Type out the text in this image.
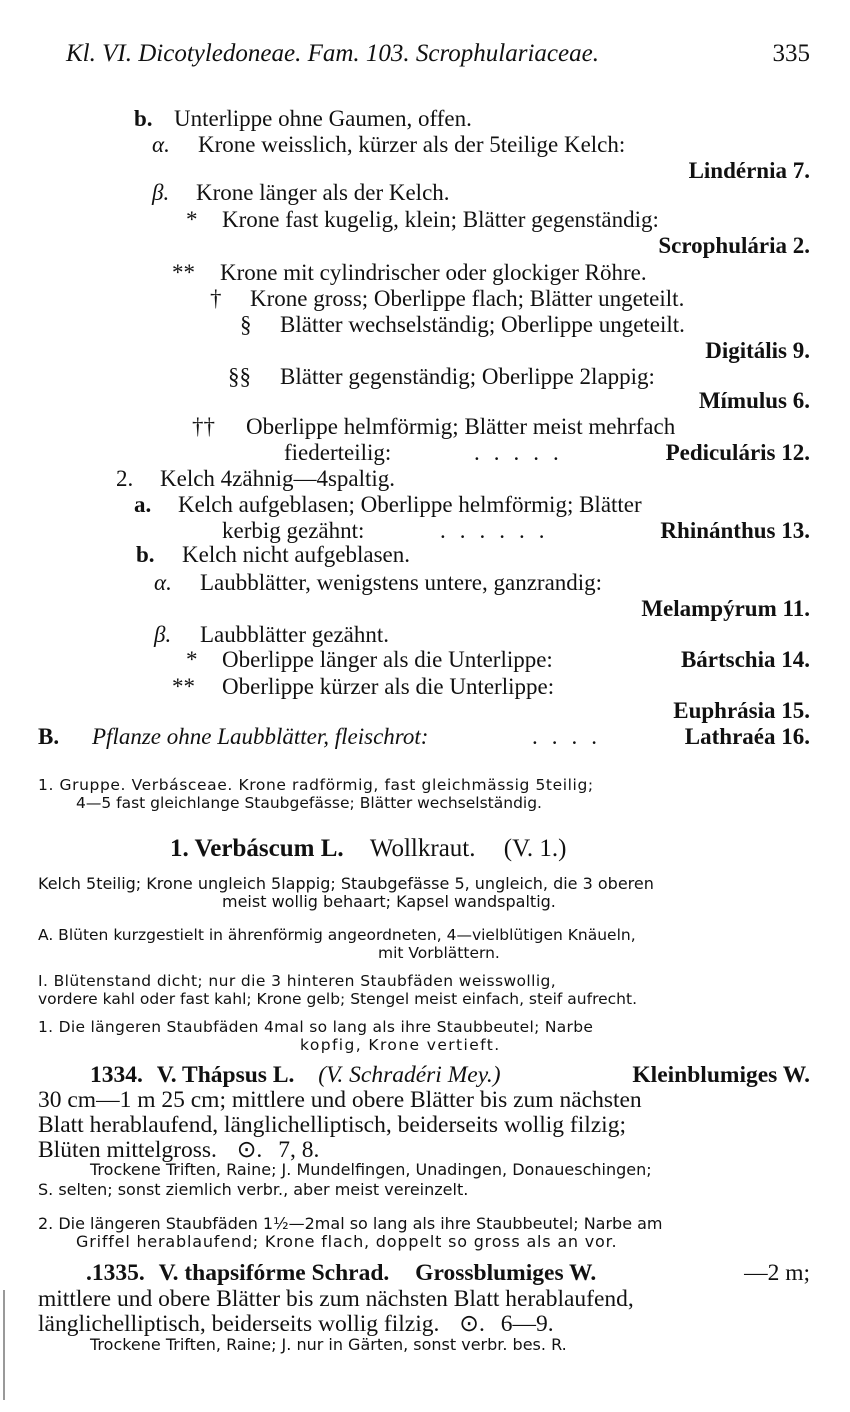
Kl. VI. Dicotyledoneae. Fam. 103. Scrophulariaceae.	335
b. Unterlippe ohne Gaumen, offen.
α. Krone weisslich, kürzer als der 5teilige Kelch:
Lindérnia 7.
β. Krone länger als der Kelch.
* Krone fast kugelig, klein; Blätter gegenständig:
Scrophulária 2.
** Krone mit cylindrischer oder glockiger Röhre.
† Krone gross; Oberlippe flach; Blätter ungeteilt.
§ Blätter wechselständig; Oberlippe ungeteilt.
Digitális 9.
§§ Blätter gegenständig; Oberlippe 2lappig:
Mímulus 6.
†† Oberlippe helmförmig; Blätter meist mehrfach
fiederteilig:	.....	Pediculáris 12.
2. Kelch 4zähnig—4spaltig.
a. Kelch aufgeblasen; Oberlippe helmförmig; Blätter
kerbig gezähnt:	......	Rhinánthus 13.
b. Kelch nicht aufgeblasen.
α. Laubblätter, wenigstens untere, ganzrandig:
Melampýrum 11.
β. Laubblätter gezähnt.
* Oberlippe länger als die Unterlippe:	Bártschia 14.
** Oberlippe kürzer als die Unterlippe:
Euphrásia 15.
B. Pflanze ohne Laubblätter, fleischrot:	....	Lathraéa 16.
1. Gruppe. Verbásceae. Krone radförmig, fast gleichmässig 5teilig;
4—5 fast gleichlange Staubgefässe; Blätter wechselständig.
1. Verbáscum L. Wollkraut. (V. 1.)
Kelch 5teilig; Krone ungleich 5lappig; Staubgefässe 5, ungleich, die 3 oberen
meist wollig behaart; Kapsel wandspaltig.
A. Blüten kurzgestielt in ährenförmig angeordneten, 4—vielblütigen Knäueln,
mit Vorblättern.
I. Blütenstand dicht; nur die 3 hinteren Staubfäden weisswollig,
vordere kahl oder fast kahl; Krone gelb; Stengel meist einfach, steif aufrecht.
1. Die längeren Staubfäden 4mal so lang als ihre Staubbeutel; Narbe
kopfig, Krone vertieft.
1334. V. Thápsus L. (V. Schradéri Mey.)	Kleinblumiges W.
30 cm—1 m 25 cm; mittlere und obere Blätter bis zum nächsten
Blatt herablaufend, länglichelliptisch, beiderseits wollig filzig;
Blüten mittelgross. ⊙. 7, 8.
Trockene Triften, Raine; J. Mundelfingen, Unadingen, Donaueschingen;
S. selten; sonst ziemlich verbr., aber meist vereinzelt.
2. Die längeren Staubfäden 1½—2mal so lang als ihre Staubbeutel; Narbe am
Griffel herablaufend; Krone flach, doppelt so gross als an vor.
.1335. V. thapsifórme Schrad. Grossblumiges W.	—2 m;
mittlere und obere Blätter bis zum nächsten Blatt herablaufend,
länglichelliptisch, beiderseits wollig filzig. ⊙. 6—9.
Trockene Triften, Raine; J. nur in Gärten, sonst verbr. bes. R.
